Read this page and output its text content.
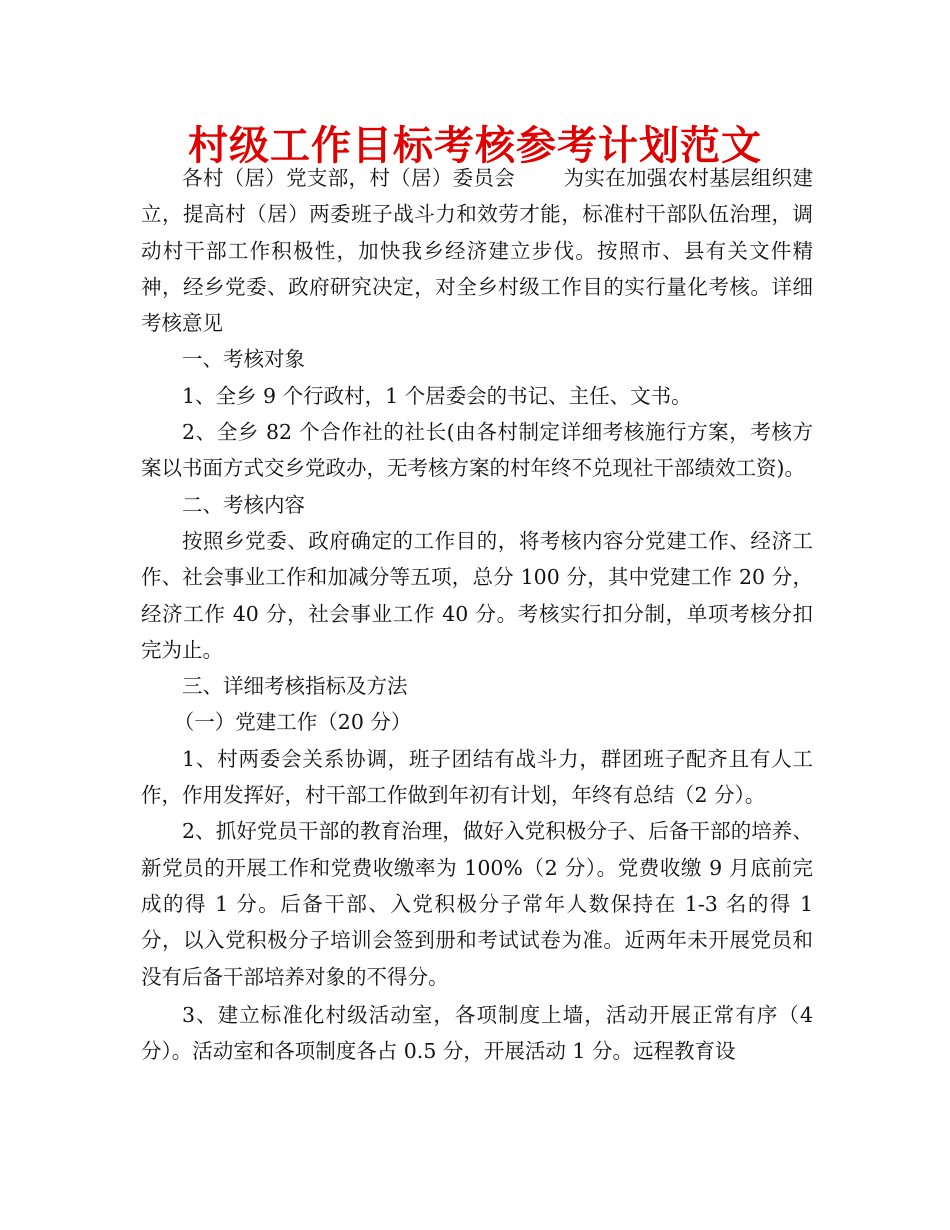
村级工作目标考核参考计划范文

各村（居）党支部，村（居）委员会 　　为实在加强农村基层组织建立，提高村（居）两委班子战斗力和效劳才能，标准村干部队伍治理，调动村干部工作积极性，加快我乡经济建立步伐。按照市、县有关文件精神，经乡党委、政府研究决定，对全乡村级工作目的实行量化考核。详细考核意见

一、考核对象

1、全乡 9 个行政村，1 个居委会的书记、主任、文书。

2、全乡 82 个合作社的社长(由各村制定详细考核施行方案，考核方案以书面方式交乡党政办，无考核方案的村年终不兑现社干部绩效工资)。

二、考核内容

按照乡党委、政府确定的工作目的，将考核内容分党建工作、经济工作、社会事业工作和加减分等五项，总分 100 分，其中党建工作 20 分，经济工作 40 分，社会事业工作 40 分。考核实行扣分制，单项考核分扣完为止。

三、详细考核指标及方法

（一）党建工作（20 分）

1、村两委会关系协调，班子团结有战斗力，群团班子配齐且有人工作，作用发挥好，村干部工作做到年初有计划，年终有总结（2 分）。

2、抓好党员干部的教育治理，做好入党积极分子、后备干部的培养、新党员的开展工作和党费收缴率为 100%（2 分）。党费收缴 9 月底前完成的得 1 分。后备干部、入党积极分子常年人数保持在 1-3 名的得 1 分，以入党积极分子培训会签到册和考试试卷为准。近两年未开展党员和没有后备干部培养对象的不得分。

3、建立标准化村级活动室，各项制度上墙，活动开展正常有序（4 分）。活动室和各项制度各占 0.5 分，开展活动 1 分。远程教育设
